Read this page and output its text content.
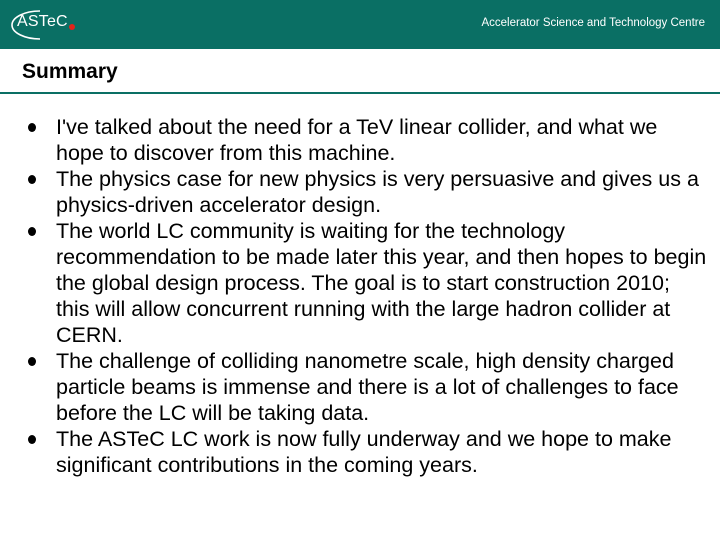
ASTeC	Accelerator Science and Technology Centre
Summary
I've talked about the need for a TeV linear collider, and what we hope to discover from this machine.
The physics case for new physics is very persuasive and gives us a physics-driven accelerator design.
The world LC community is waiting for the technology recommendation to be made later this year, and then hopes to begin the global design process. The goal is to start construction 2010; this will allow concurrent running with the large hadron collider at CERN.
The challenge of colliding nanometre scale, high density charged particle beams is immense and there is a lot of challenges to face before the LC will be taking data.
The ASTeC LC work is now fully underway and we hope to make significant contributions in the coming years.
